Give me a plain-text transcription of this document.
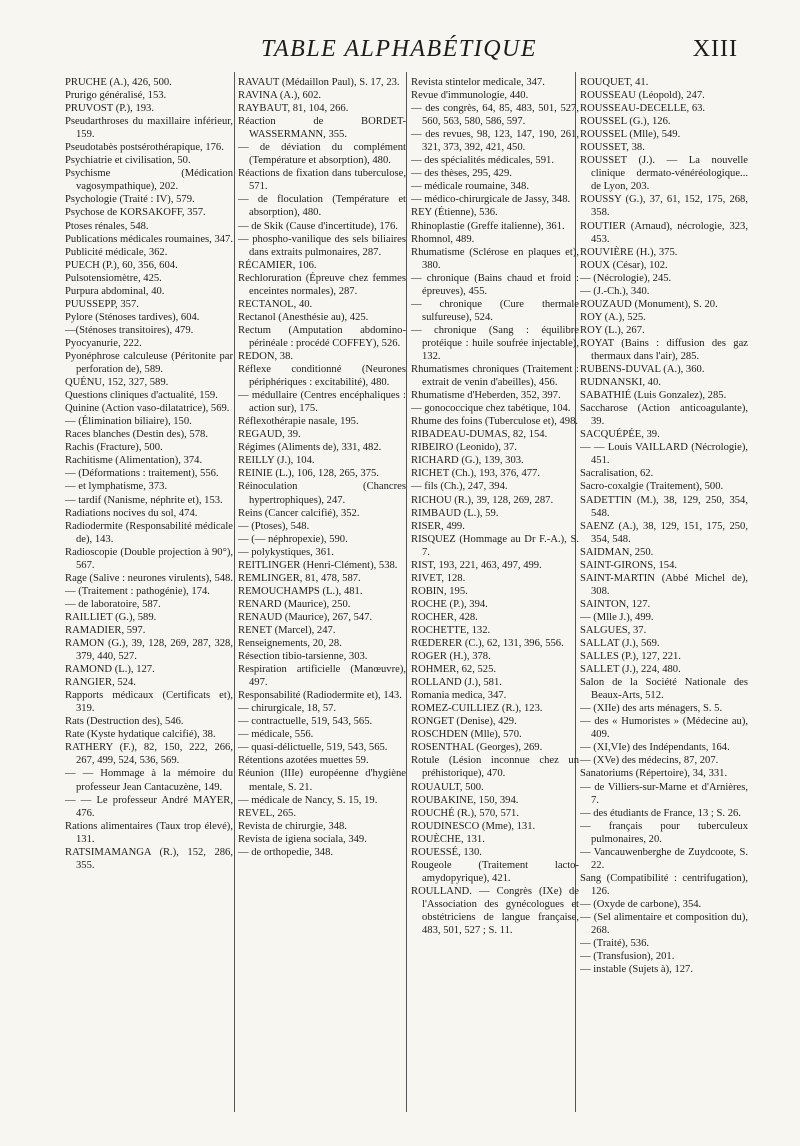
TABLE ALPHABÉTIQUE	XIII
PRUCHE (A.), 426, 500.
Prurigo généralisé, 153.
PRUVOST (P.), 193.
Pseudarthroses du maxillaire inférieur, 159.
Pseudotabès postsérothérapique, 176.
Psychiatrie et civilisation, 50.
Psychisme (Médication vagosympathique), 202.
Psychologie (Traité : IV), 579.
Psychose de KORSAKOFF, 357.
Ptoses rénales, 548.
Publications médicales roumaines, 347.
Publicité médicale, 362.
PUECH (P.), 60, 356, 604.
Pulsotensiomètre, 425.
Purpura abdominal, 40.
PUUSSEPP, 357.
Pylore (Sténoses tardives), 604.
—(Sténoses transitoires), 479.
Pyocyanurie, 222.
Pyonéphrose calculeuse (Péritonite par perforation de), 589.
QUÉNU, 152, 327, 589.
Questions cliniques d'actualité, 159.
Quinine (Action vaso-dilatatrice), 569.
— (Élimination biliaire), 150.
Races blanches (Destin des), 578.
Rachis (Fracture), 500.
Rachitisme (Alimentation), 374.
— (Déformations : traitement), 556.
— et lymphatisme, 373.
— tardif (Nanisme, néphrite et), 153.
Radiations nocives du sol, 474.
Radiodermite (Responsabilité médicale de), 143.
Radioscopie (Double projection à 90°), 567.
Rage (Salive : neurones virulents), 548.
— (Traitement : pathogénie), 174.
— de laboratoire, 587.
RAILLIET (G.), 589.
RAMADIER, 597.
RAMON (G.), 39, 128, 269, 287, 328, 379, 440, 527.
RAMOND (L.), 127.
RANGIER, 524.
Rapports médicaux (Certificats et), 319.
Rats (Destruction des), 546.
Rate (Kyste hydatique calcifié), 38.
RATHERY (F.), 82, 150, 222, 266, 267, 499, 524, 536, 569.
— — Hommage à la mémoire du professeur Jean Cantacuzène, 149.
— — Le professeur André MAYER, 476.
Rations alimentaires (Taux trop élevé), 131.
RATSIMAMANGA (R.), 152, 286, 355.
RAVAUT (Médaillon Paul), S. 17, 23.
RAVINA (A.), 602.
RAYBAUT, 81, 104, 266.
Réaction de BORDET-WASSERMANN, 355.
— de déviation du complément (Température et absorption), 480.
Réactions de fixation dans tuberculose, 571.
— de floculation (Température et absorption), 480.
— de Skik (Cause d'incertitude), 176.
— phospho-vanilique des sels biliaires dans extraits pulmonaires, 287.
RÉCAMIER, 106.
Rechloruration (Épreuve chez femmes enceintes normales), 287.
RECTANOL, 40.
Rectanol (Anesthésie au), 425.
Rectum (Amputation abdomino-périnéale : procédé COFFEY), 526.
REDON, 38.
Réflexe conditionné (Neurones périphériques : excitabilité), 480.
— médullaire (Centres encéphaliques : action sur), 175.
Réflexothérapie nasale, 195.
REGAUD, 39.
Régimes (Aliments de), 331, 482.
REILLY (J.), 104.
REINIE (L.), 106, 128, 265, 375.
Réinoculation (Chancres hypertrophiques), 247.
Reins (Cancer calcifié), 352.
— (Ptoses), 548.
— (— néphropexie), 590.
— polykystiques, 361.
REITLINGER (Henri-Clément), 538.
REMLINGER, 81, 478, 587.
REMOUCHAMPS (L.), 481.
RENARD (Maurice), 250.
RENAUD (Maurice), 267, 547.
RENET (Marcel), 247.
Renseignements, 20, 28.
Résection tibio-tarsienne, 303.
Respiration artificielle (Manœuvre), 497.
Responsabilité (Radiodermite et), 143.
— chirurgicale, 18, 57.
— contractuelle, 519, 543, 565.
— médicale, 556.
— quasi-délictuelle, 519, 543, 565.
Rétentions azotées muettes 59.
Réunion (IIIe) européenne d'hygiène mentale, S. 21.
— médicale de Nancy, S. 15, 19.
REVEL, 265.
Revista de chirurgie, 348.
Revista de igiena sociala, 349.
— de orthopedie, 348.
Revista stintelor medicale, 347.
Revue d'immunologie, 440.
— des congrès, 64, 85, 483, 501, 527, 560, 563, 580, 586, 597.
— des revues, 98, 123, 147, 190, 261, 321, 373, 392, 421, 450.
— des spécialités médicales, 591.
— des thèses, 295, 429.
— médicale roumaine, 348.
— médico-chirurgicale de Jassy, 348.
REY (Étienne), 536.
Rhinoplastie (Greffe italienne), 361.
Rhomnol, 489.
Rhumatisme (Sclérose en plaques et), 380.
— chronique (Bains chaud et froid : épreuves), 455.
— chronique (Cure thermale sulfureuse), 524.
— chronique (Sang : équilibre protéique : huile soufrée injectable), 132.
Rhumatismes chroniques (Traitement : extrait de venin d'abeilles), 456.
Rhumatisme d'Heberden, 352, 397.
— gonococcique chez tabétique, 104.
Rhume des foins (Tuberculose et), 498.
RIBADEAU-DUMAS, 82, 154.
RIBEIRO (Leonido), 37.
RICHARD (G.), 139, 303.
RICHET (Ch.), 193, 376, 477.
— fils (Ch.), 247, 394.
RICHOU (R.), 39, 128, 269, 287.
RIMBAUD (L.), 59.
RISER, 499.
RISQUEZ (Hommage au Dr F.-A.), S. 7.
RIST, 193, 221, 463, 497, 499.
RIVET, 128.
ROBIN, 195.
ROCHE (P.), 394.
ROCHER, 428.
ROCHETTE, 132.
RŒDERER (C.), 62, 131, 396, 556.
ROGER (H.), 378.
ROHMER, 62, 525.
ROLLAND (J.), 581.
Romania medica, 347.
ROMEZ-CUILLIEZ (R.), 123.
RONGET (Denise), 429.
ROSCHDEN (Mlle), 570.
ROSENTHAL (Georges), 269.
Rotule (Lésion inconnue chez un préhistorique), 470.
ROUAULT, 500.
ROUBAKINE, 150, 394.
ROUCHÉ (R.), 570, 571.
ROUDINESCO (Mme), 131.
ROUÈCHE, 131.
ROUESSÉ, 130.
Rougeole (Traitement lacto-amydopyrique), 421.
ROULLAND. — Congrès (IXe) de l'Association des gynécologues et obstétriciens de langue française, 483, 501, 527 ; S. 11.
ROUQUET, 41.
ROUSSEAU (Léopold), 247.
ROUSSEAU-DECELLE, 63.
ROUSSEL (G.), 126.
ROUSSEL (Mlle), 549.
ROUSSET, 38.
ROUSSET (J.). — La nouvelle clinique dermato-vénéréologique... de Lyon, 203.
ROUSSY (G.), 37, 61, 152, 175, 268, 358.
ROUTIER (Arnaud), nécrologie, 323, 453.
ROUVIÈRE (H.), 375.
ROUX (César), 102.
— (Nécrologie), 245.
— (J.-Ch.), 340.
ROUZAUD (Monument), S. 20.
ROY (A.), 525.
ROY (L.), 267.
ROYAT (Bains : diffusion des gaz thermaux dans l'air), 285.
RUBENS-DUVAL (A.), 360.
RUDNANSKI, 40.
SABATHIÉ (Luis Gonzalez), 285.
Saccharose (Action anticoagulante), 39.
SACQUÉPÉE, 39.
— — Louis VAILLARD (Nécrologie), 451.
Sacralisation, 62.
Sacro-coxalgie (Traitement), 500.
SADETTIN (M.), 38, 129, 250, 354, 548.
SAENZ (A.), 38, 129, 151, 175, 250, 354, 548.
SAIDMAN, 250.
SAINT-GIRONS, 154.
SAINT-MARTIN (Abbé Michel de), 308.
SAINTON, 127.
— (Mlle J.), 499.
SALGUES, 37.
SALLAT (J.), 569.
SALLES (P.), 127, 221.
SALLET (J.), 224, 480.
Salon de la Société Nationale des Beaux-Arts, 512.
— (XIIe) des arts ménagers, S. 5.
— des « Humoristes » (Médecine au), 409.
— (XI,VIe) des Indépendants, 164.
— (XVe) des médecins, 87, 207.
Sanatoriums (Répertoire), 34, 331.
— de Villiers-sur-Marne et d'Arnières, 7.
— des étudiants de France, 13 ; S. 26.
— français pour tuberculeux pulmonaires, 20.
— Vancauwenberghe de Zuydcoote, S. 22.
Sang (Compatibilité : centrifugation), 126.
— (Oxyde de carbone), 354.
— (Sel alimentaire et composition du), 268.
— (Traité), 536.
— (Transfusion), 201.
— instable (Sujets à), 127.
